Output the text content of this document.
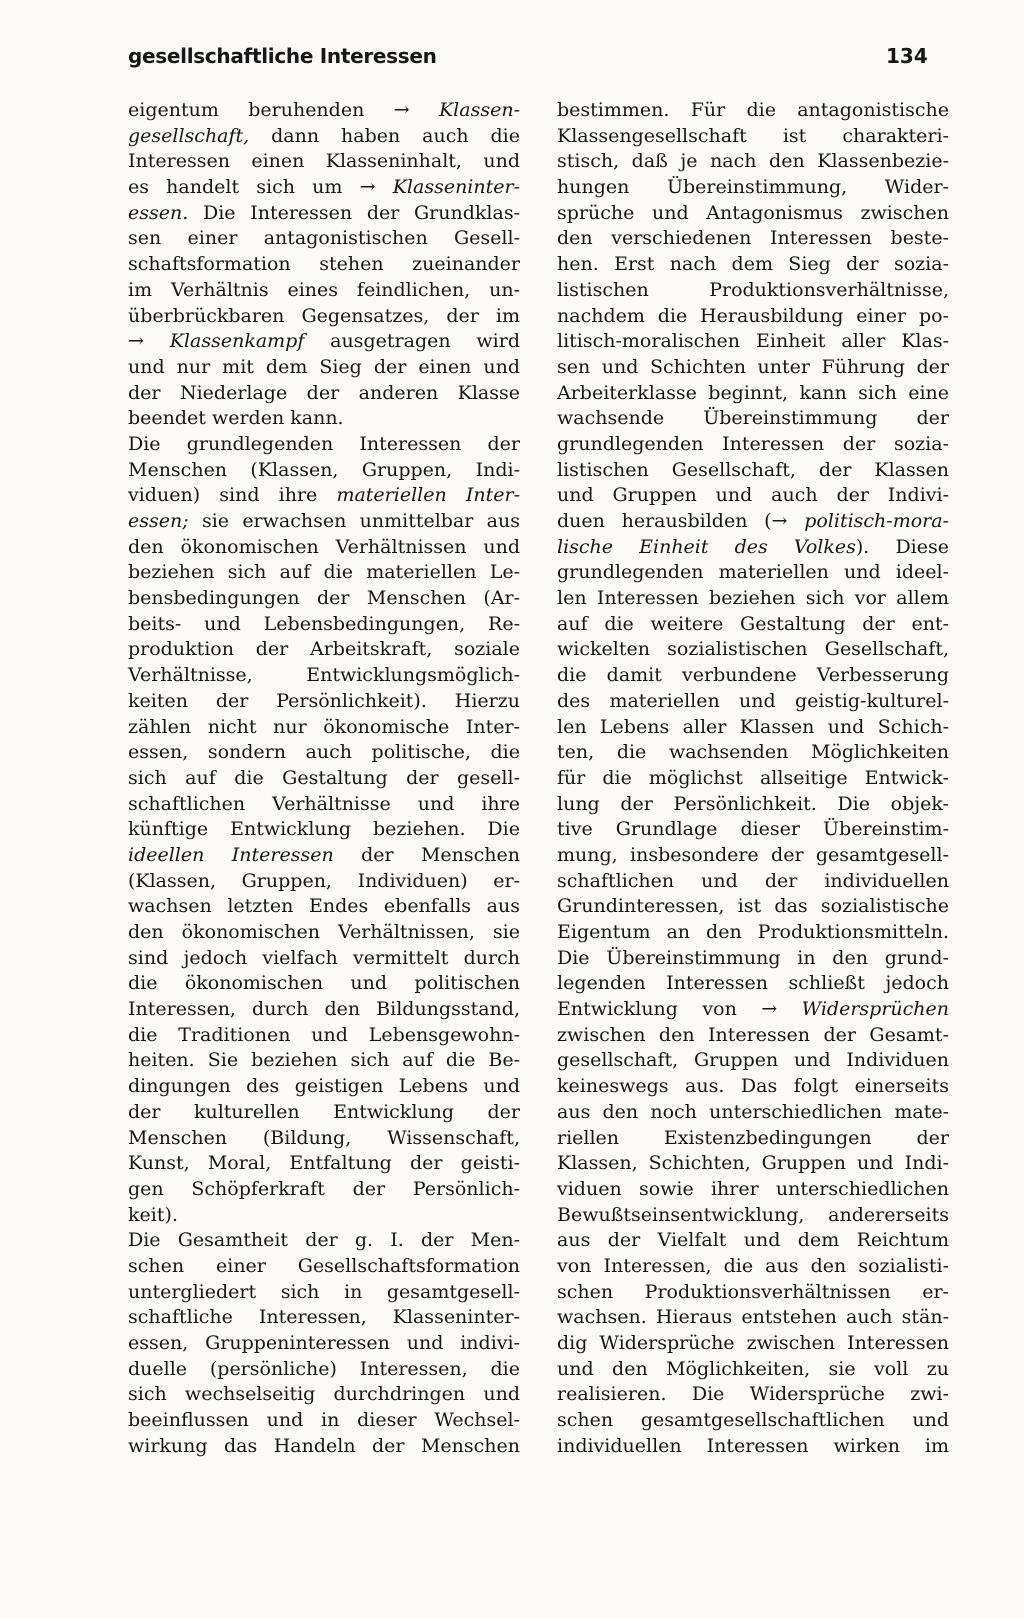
gesellschaftliche Interessen	134
eigentum beruhenden → Klassen-
gesellschaft, dann haben auch die
Interessen einen Klasseninhalt, und
es handelt sich um → Klasseninter-
essen. Die Interessen der Grundklas-
sen einer antagonistischen Gesell-
schaftsformation stehen zueinander
im Verhältnis eines feindlichen, un-
überbrückbaren Gegensatzes, der im
→ Klassenkampf ausgetragen wird
und nur mit dem Sieg der einen und
der Niederlage der anderen Klasse
beendet werden kann.
Die grundlegenden Interessen der
Menschen (Klassen, Gruppen, Indi-
viduen) sind ihre materiellen Inter-
essen; sie erwachsen unmittelbar aus
den ökonomischen Verhältnissen und
beziehen sich auf die materiellen Le-
bensbedingungen der Menschen (Ar-
beits- und Lebensbedingungen, Re-
produktion der Arbeitskraft, soziale
Verhältnisse, Entwicklungsmöglich-
keiten der Persönlichkeit). Hierzu
zählen nicht nur ökonomische Inter-
essen, sondern auch politische, die
sich auf die Gestaltung der gesell-
schaftlichen Verhältnisse und ihre
künftige Entwicklung beziehen. Die
ideellen Interessen der Menschen
(Klassen, Gruppen, Individuen) er-
wachsen letzten Endes ebenfalls aus
den ökonomischen Verhältnissen, sie
sind jedoch vielfach vermittelt durch
die ökonomischen und politischen
Interessen, durch den Bildungsstand,
die Traditionen und Lebensgewohn-
heiten. Sie beziehen sich auf die Be-
dingungen des geistigen Lebens und
der kulturellen Entwicklung der
Menschen (Bildung, Wissenschaft,
Kunst, Moral, Entfaltung der geisti-
gen Schöpferkraft der Persönlich-
keit).
Die Gesamtheit der g. I. der Men-
schen einer Gesellschaftsformation
untergliedert sich in gesamtgesell-
schaftliche Interessen, Klasseninter-
essen, Gruppeninteressen und indivi-
duelle (persönliche) Interessen, die
sich wechselseitig durchdringen und
beeinflussen und in dieser Wechsel-
wirkung das Handeln der Menschen
bestimmen. Für die antagonistische
Klassengesellschaft ist charakteri-
stisch, daß je nach den Klassenbezie-
hungen Übereinstimmung, Wider-
sprüche und Antagonismus zwischen
den verschiedenen Interessen beste-
hen. Erst nach dem Sieg der sozia-
listischen Produktionsverhältnisse,
nachdem die Herausbildung einer po-
litisch-moralischen Einheit aller Klas-
sen und Schichten unter Führung der
Arbeiterklasse beginnt, kann sich eine
wachsende Übereinstimmung der
grundlegenden Interessen der sozia-
listischen Gesellschaft, der Klassen
und Gruppen und auch der Indivi-
duen herausbilden (→ politisch-mora-
lische Einheit des Volkes). Diese
grundlegenden materiellen und ideel-
len Interessen beziehen sich vor allem
auf die weitere Gestaltung der ent-
wickelten sozialistischen Gesellschaft,
die damit verbundene Verbesserung
des materiellen und geistig-kulturel-
len Lebens aller Klassen und Schich-
ten, die wachsenden Möglichkeiten
für die möglichst allseitige Entwick-
lung der Persönlichkeit. Die objek-
tive Grundlage dieser Übereinstim-
mung, insbesondere der gesamtgesell-
schaftlichen und der individuellen
Grundinteressen, ist das sozialistische
Eigentum an den Produktionsmitteln.
Die Übereinstimmung in den grund-
legenden Interessen schließt jedoch
Entwicklung von → Widersprüchen
zwischen den Interessen der Gesamt-
gesellschaft, Gruppen und Individuen
keineswegs aus. Das folgt einerseits
aus den noch unterschiedlichen mate-
riellen Existenzbedingungen der
Klassen, Schichten, Gruppen und Indi-
viduen sowie ihrer unterschiedlichen
Bewußtseinsentwicklung, andererseits
aus der Vielfalt und dem Reichtum
von Interessen, die aus den sozialisti-
schen Produktionsverhältnissen er-
wachsen. Hieraus entstehen auch stän-
dig Widersprüche zwischen Interessen
und den Möglichkeiten, sie voll zu
realisieren. Die Widersprüche zwi-
schen gesamtgesellschaftlichen und
individuellen Interessen wirken im
